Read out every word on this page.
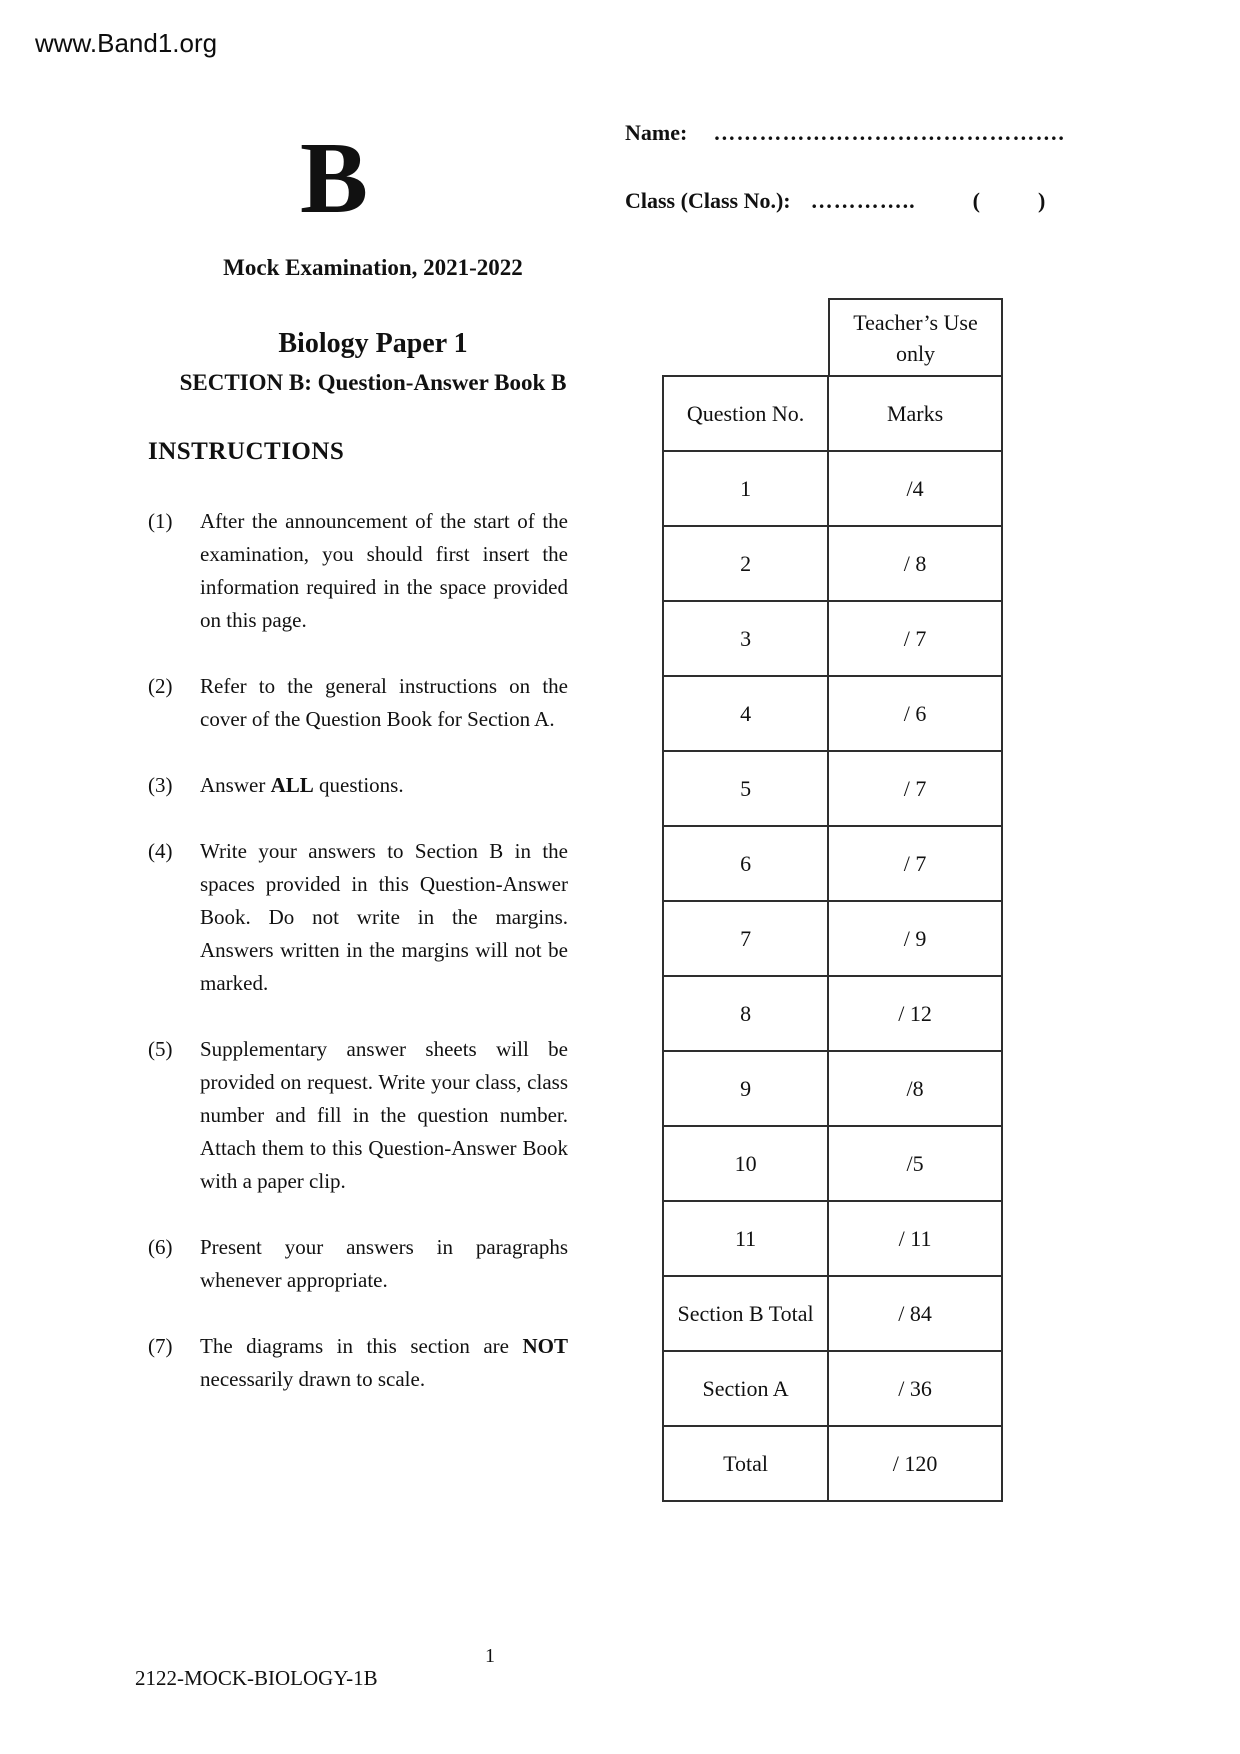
www.Band1.org
B	Name: ……………………………………….
Class (Class No.): …………..	(	)
Mock Examination, 2021-2022
Biology Paper 1
SECTION B: Question-Answer Book B
INSTRUCTIONS
(1)	After the announcement of the start of the examination, you should first insert the information required in the space provided on this page.
(2)	Refer to the general instructions on the cover of the Question Book for Section A.
(3)	Answer ALL questions.
(4)	Write your answers to Section B in the spaces provided in this Question-Answer Book. Do not write in the margins. Answers written in the margins will not be marked.
(5)	Supplementary answer sheets will be provided on request. Write your class, class number and fill in the question number. Attach them to this Question-Answer Book with a paper clip.
(6)	Present your answers in paragraphs whenever appropriate.
(7)	The diagrams in this section are NOT necessarily drawn to scale.
Teacher’s Use
only
Question No.	Marks
1	/4
2	/ 8
3	/ 7
4	/ 6
5	/ 7
6	/ 7
7	/ 9
8	/ 12
9	/8
10	/5
11	/ 11
Section B Total	/ 84
Section A	/ 36
Total	/ 120
1
2122-MOCK-BIOLOGY-1B
